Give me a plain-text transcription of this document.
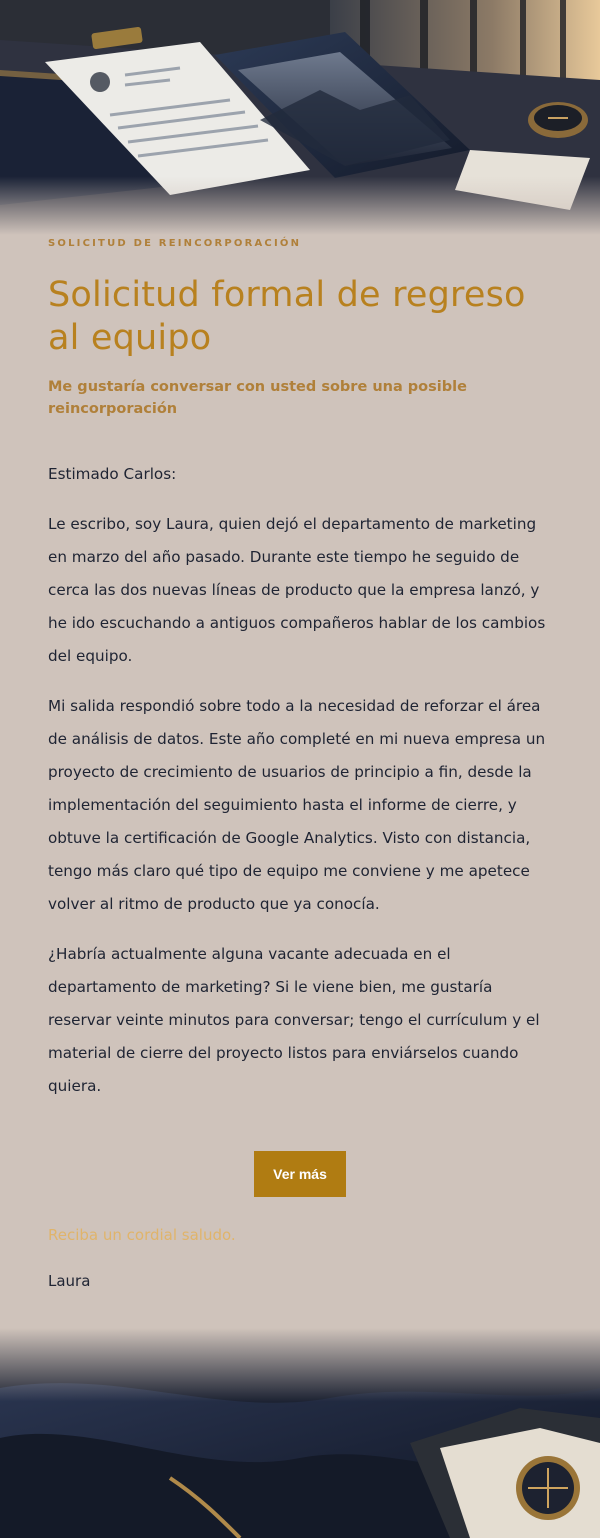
SOLICITUD DE REINCORPORACIÓN

Solicitud formal de regreso al equipo

Me gustaría conversar con usted sobre una posible reincorporación

Estimado Carlos:

Le escribo, soy Laura, quien dejó el departamento de marketing en marzo del año pasado. Durante este tiempo he seguido de cerca las dos nuevas líneas de producto que la empresa lanzó, y he ido escuchando a antiguos compañeros hablar de los cambios del equipo.

Mi salida respondió sobre todo a la necesidad de reforzar el área de análisis de datos. Este año completé en mi nueva empresa un proyecto de crecimiento de usuarios de principio a fin, desde la implementación del seguimiento hasta el informe de cierre, y obtuve la certificación de Google Analytics. Visto con distancia, tengo más claro qué tipo de equipo me conviene y me apetece volver al ritmo de producto que ya conocía.

¿Habría actualmente alguna vacante adecuada en el departamento de marketing? Si le viene bien, me gustaría reservar veinte minutos para conversar; tengo el currículum y el material de cierre del proyecto listos para enviárselos cuando quiera.

Ver más

Reciba un cordial saludo.

Laura
